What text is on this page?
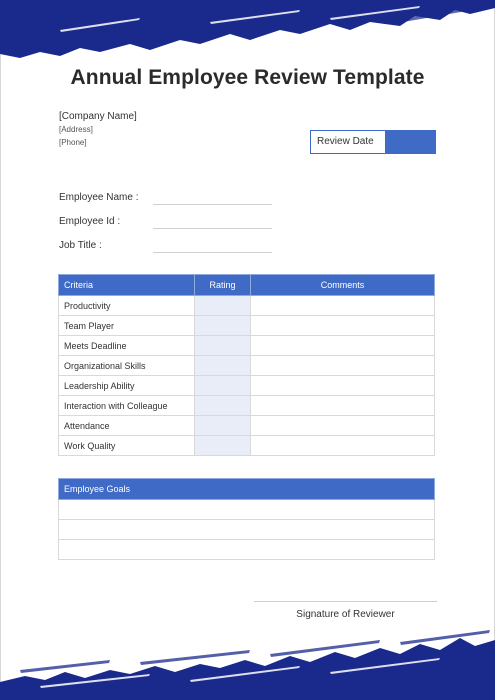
Annual Employee Review Template
[Company Name]
[Address]
[Phone]	Review Date
Employee Name :
Employee Id :
Job Title :
Criteria	Rating	Comments
Productivity		
Team Player		
Meets Deadline		
Organizational Skills		
Leadership Ability		
Interaction with Colleague		
Attendance		
Work Quality		
Employee Goals

Signature of Reviewer
